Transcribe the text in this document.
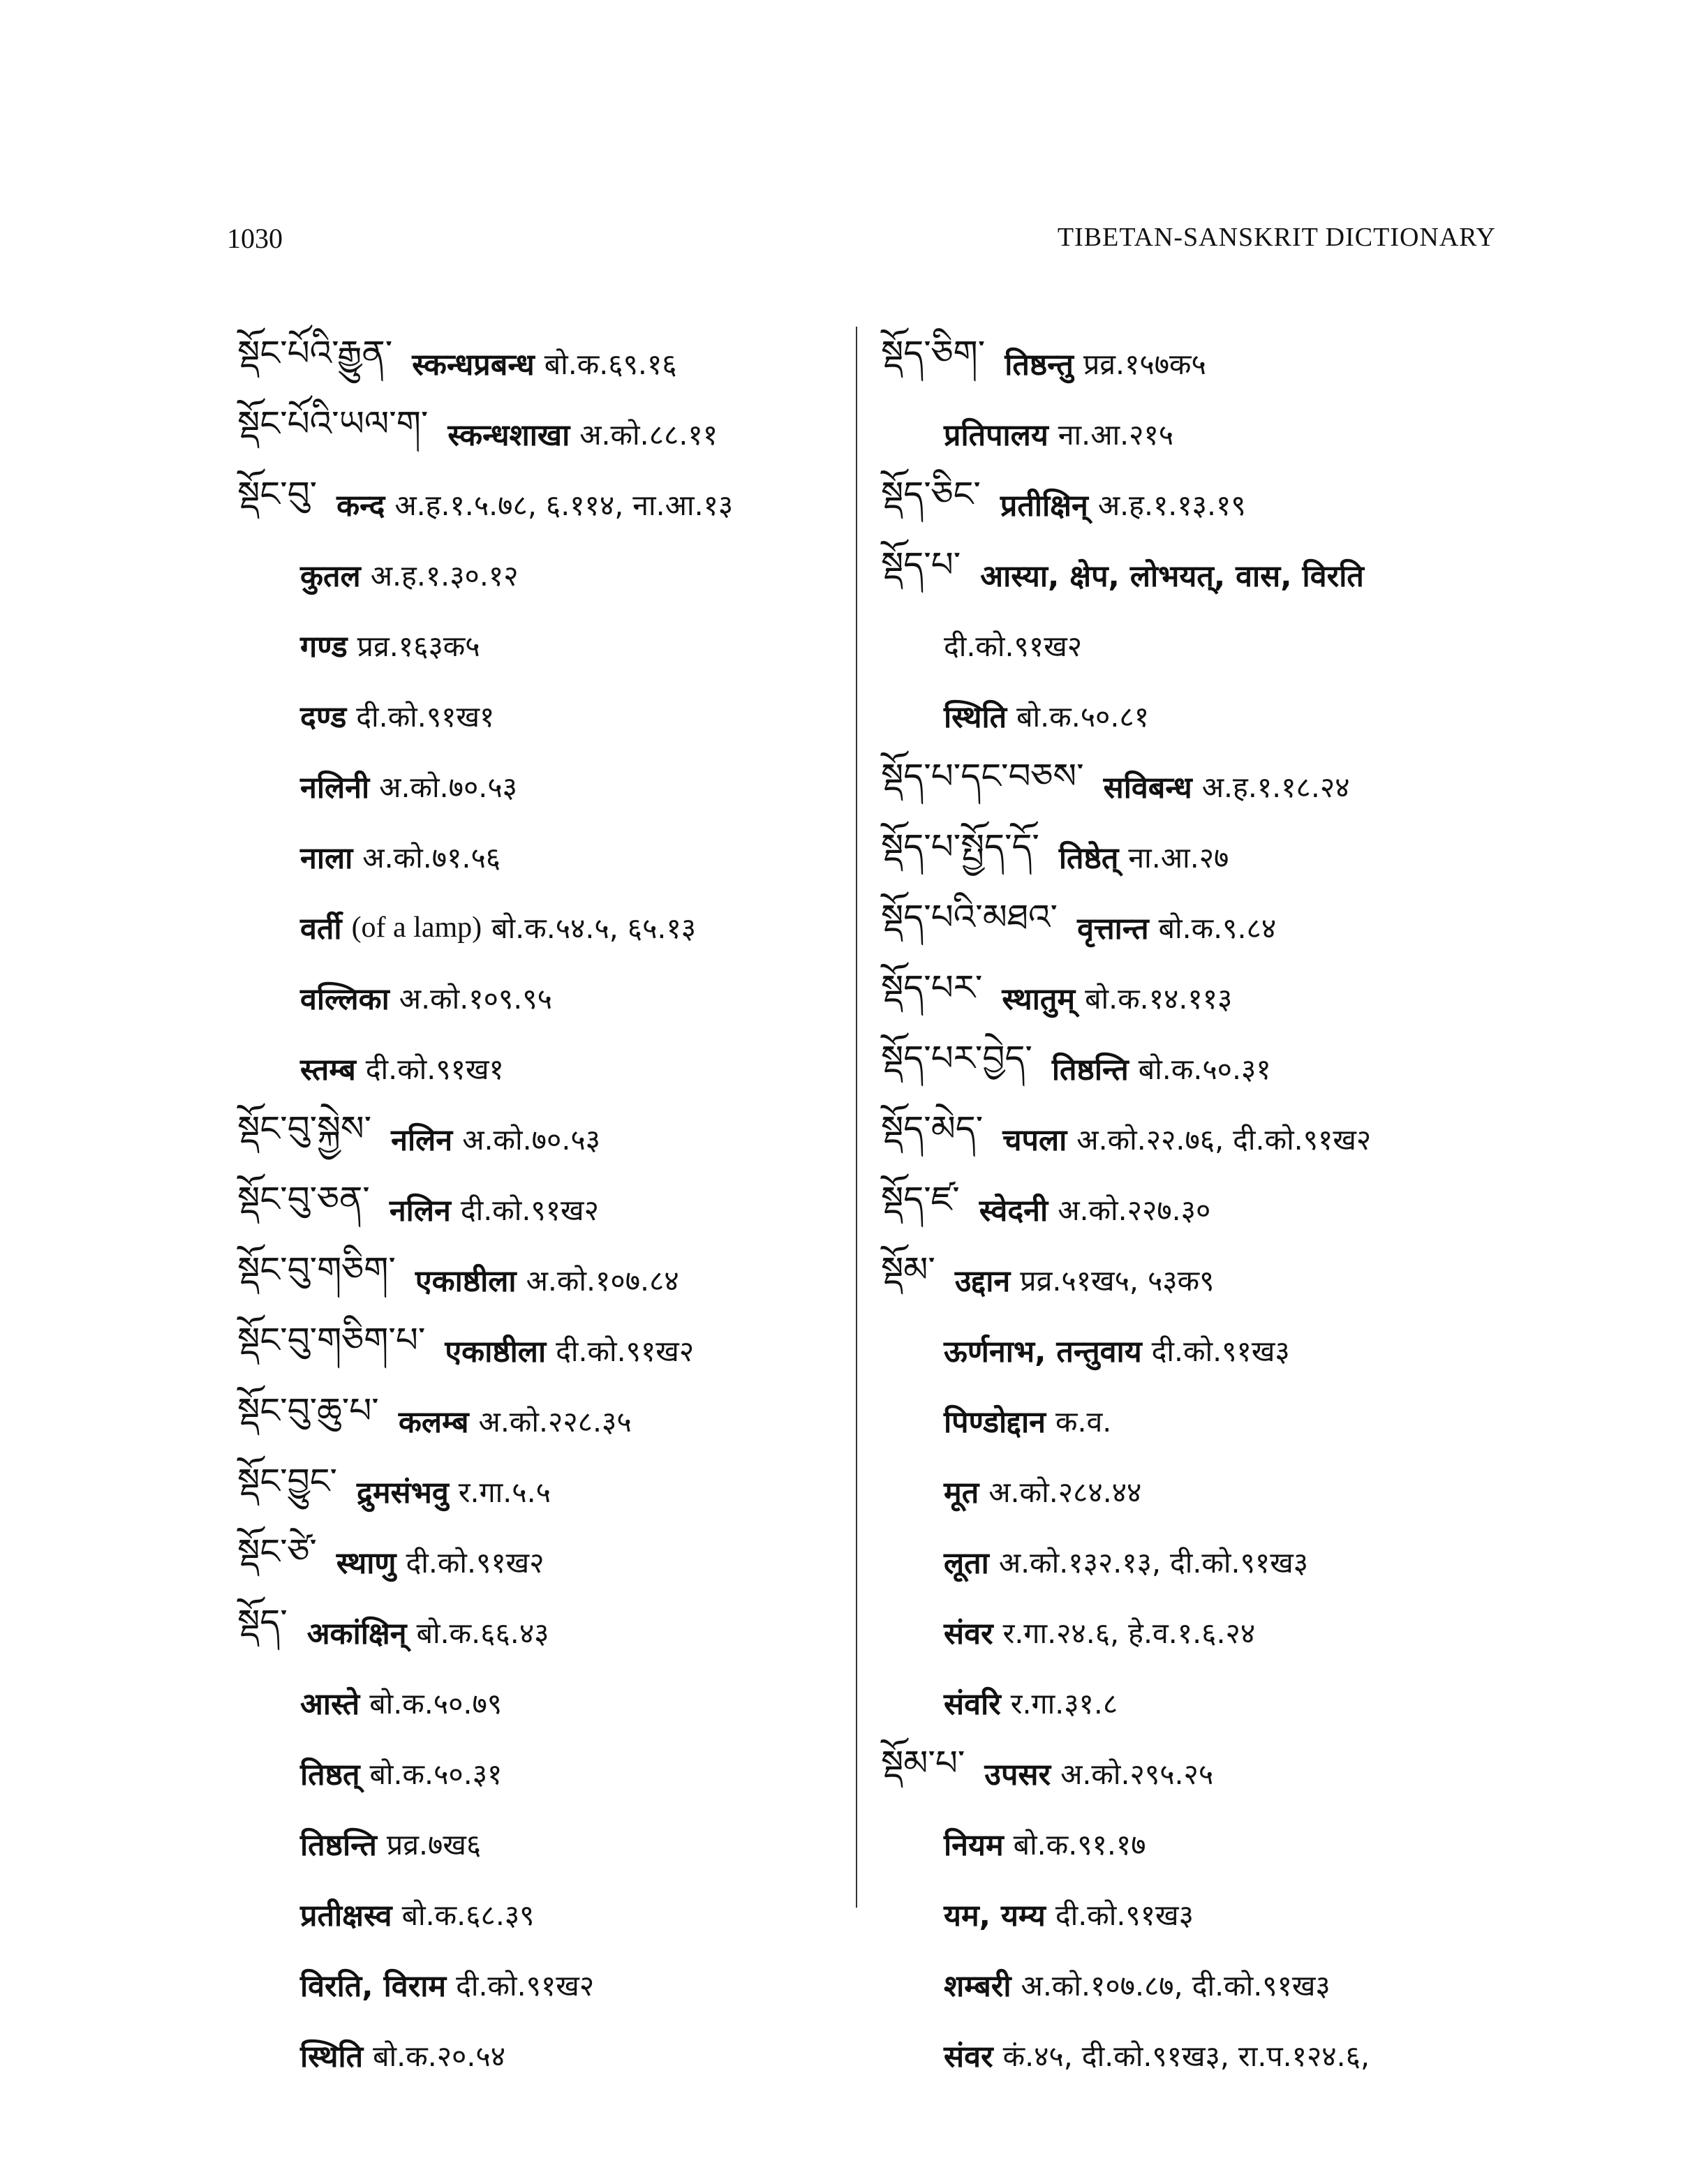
1030	TIBETAN-SANSKRIT DICTIONARY
སྡོང་པོའི་རྒྱུན་ स्कन्धप्रबन्ध बो.क.६९.१६
སྡོང་པོའི་ཡལ་ག་ स्कन्धशाखा अ.को.८८.११
སྡོང་བུ་ कन्द अ.ह.१.५.७८, ६.११४, ना.आ.१३
कुतल अ.ह.१.३०.१२
गण्ड प्रव्र.१६३क५
दण्ड दी.को.९१ख१
नलिनी अ.को.७०.५३
नाला अ.को.७१.५६
वर्ती (of a lamp) बो.क.५४.५, ६५.१३
वल्लिका अ.को.१०९.९५
स्तम्ब दी.को.९१ख१
སྡོང་བུ་སྐྱེས་ नलिन अ.को.७०.५३
སྡོང་བུ་ཅན་ नलिन दी.को.९१ख२
སྡོང་བུ་གཅིག་ एकाष्ठीला अ.को.१०७.८४
སྡོང་བུ་གཅིག་པ་ एकाष्ठीला दी.को.९१ख२
སྡོང་བུ་ཆུ་པ་ कलम्ब अ.को.२२८.३५
སྡོང་བྱུང་ द्रुमसंभवु र.गा.५.५
སྡོང་ཙེ་ स्थाणु दी.को.९१ख२
སྡོད་ अकांक्षिन् बो.क.६६.४३
आस्ते बो.क.५०.७९
तिष्ठत् बो.क.५०.३१
तिष्ठन्ति प्रव्र.७ख६
प्रतीक्षस्व बो.क.६८.३९
विरति, विराम दी.को.९१ख२
स्थिति बो.क.२०.५४
སྡོད་ཅིག་ तिष्ठन्तु प्रव्र.१५७क५
प्रतिपालय ना.आ.२१५
སྡོད་ཅིང་ प्रतीक्षिन् अ.ह.१.१३.१९
སྡོད་པ་ आस्या, क्षेप, लोभयत्, वास, विरति
दी.को.९१ख२
स्थिति बो.क.५०.८१
སྡོད་པ་དང་བཅས་ सविबन्ध अ.ह.१.१८.२४
སྡོད་པ་སྤྱོད་དོ་ तिष्ठेत् ना.आ.२७
སྡོད་པའི་མཐའ་ वृत्तान्त बो.क.९.८४
སྡོད་པར་ स्थातुम् बो.क.१४.११३
སྡོད་པར་བྱེད་ तिष्ठन्ति बो.क.५०.३१
སྡོད་མེད་ चपला अ.को.२२.७६, दी.को.९१ख२
སྡོད་ཛ་ स्वेदनी अ.को.२२७.३०
སྡོམ་ उद्दान प्रव्र.५१ख५, ५३क९
ऊर्णनाभ, तन्तुवाय दी.को.९१ख३
पिण्डोद्दान क.व.
मूत अ.को.२८४.४४
लूता अ.को.१३२.१३, दी.को.९१ख३
संवर र.गा.२४.६, हे.व.१.६.२४
संवरि र.गा.३१.८
སྡོམ་པ་ उपसर अ.को.२९५.२५
नियम बो.क.९१.१७
यम, यम्य दी.को.९१ख३
शम्बरी अ.को.१०७.८७, दी.को.९१ख३
संवर कं.४५, दी.को.९१ख३, रा.प.१२४.६,
